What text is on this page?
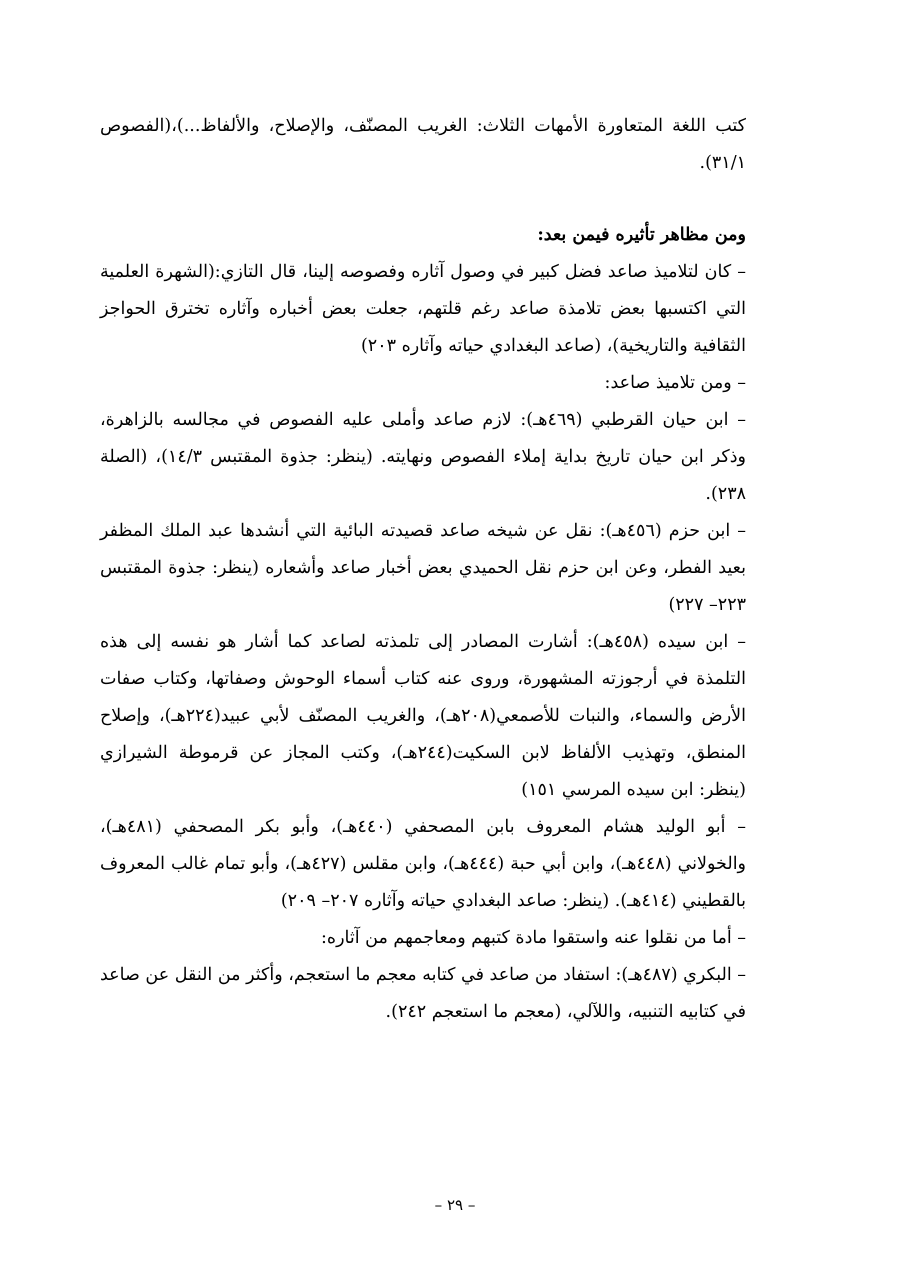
كتب اللغة المتعاورة الأمهات الثلاث: الغريب المصنّف، والإصلاح، والألفاظ...)،(الفصوص ٣١/١).

ومن مظاهر تأثيره فيمن بعد:

– كان لتلاميذ صاعد فضل كبير في وصول آثاره وفصوصه إلينا، قال التازي:(الشهرة العلمية التي اكتسبها بعض تلامذة صاعد رغم قلتهم، جعلت بعض أخباره وآثاره تخترق الحواجز الثقافية والتاريخية)، (صاعد البغدادي حياته وآثاره ٢٠٣)

– ومن تلاميذ صاعد:

– ابن حيان القرطبي (٤٦٩هـ): لازم صاعد وأملى عليه الفصوص في مجالسه بالزاهرة، وذكر ابن حيان تاريخ بداية إملاء الفصوص ونهايته. (ينظر: جذوة المقتبس ١٤/٣)، (الصلة ٢٣٨).

– ابن حزم (٤٥٦هـ): نقل عن شيخه صاعد قصيدته البائية التي أنشدها عبد الملك المظفر بعيد الفطر، وعن ابن حزم نقل الحميدي بعض أخبار صاعد وأشعاره (ينظر: جذوة المقتبس ٢٢٣– ٢٢٧)

– ابن سيده (٤٥٨هـ): أشارت المصادر إلى تلمذته لصاعد كما أشار هو نفسه إلى هذه التلمذة في أرجوزته المشهورة، وروى عنه كتاب أسماء الوحوش وصفاتها، وكتاب صفات الأرض والسماء، والنبات للأصمعي(٢٠٨هـ)، والغريب المصنّف لأبي عبيد(٢٢٤هـ)، وإصلاح المنطق، وتهذيب الألفاظ لابن السكيت(٢٤٤هـ)، وكتب المجاز عن قرموطة الشيرازي (ينظر: ابن سيده المرسي ١٥١)

– أبو الوليد هشام المعروف بابن المصحفي (٤٤٠هـ)، وأبو بكر المصحفي (٤٨١هـ)، والخولاني (٤٤٨هـ)، وابن أبي حبة (٤٤٤هـ)، وابن مقلس (٤٢٧هـ)، وأبو تمام غالب المعروف بالقطيني (٤١٤هـ). (ينظر: صاعد البغدادي حياته وآثاره ٢٠٧– ٢٠٩)

– أما من نقلوا عنه واستقوا مادة كتبهم ومعاجمهم من آثاره:

– البكري (٤٨٧هـ): استفاد من صاعد في كتابه معجم ما استعجم، وأكثر من النقل عن صاعد في كتابيه التنبيه، واللآلي، (معجم ما استعجم ٢٤٢).

– ٢٩ –
